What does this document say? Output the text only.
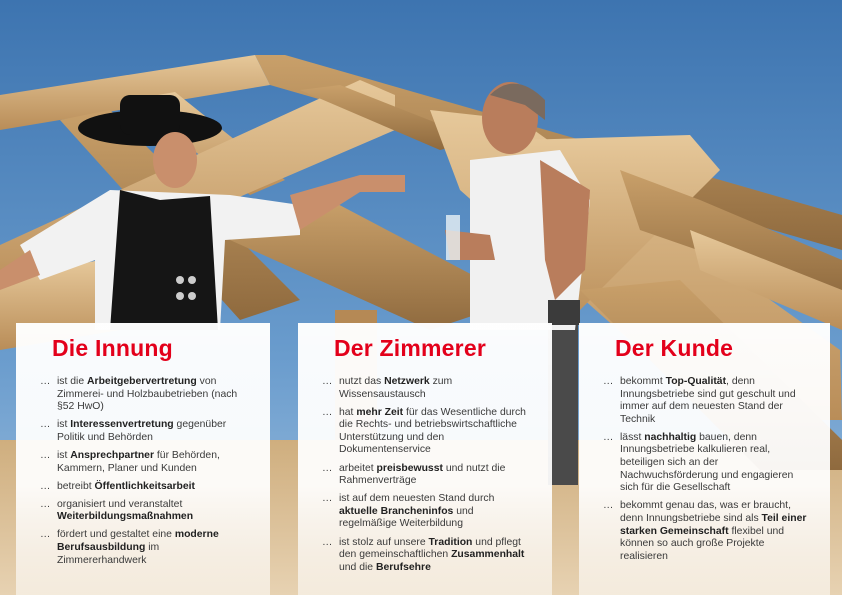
Die Innung
… ist die Arbeitgebervertretung von Zimmerei- und Holzbaubetrieben (nach §52 HwO)
… ist Interessenvertretung gegenüber Politik und Behörden
… ist Ansprechpartner für Behörden, Kammern, Planer und Kunden
… betreibt Öffentlichkeitsarbeit
… organisiert und veranstaltet Weiterbildungsmaßnahmen
… fördert und gestaltet eine moderne Berufsausbildung im Zimmererhandwerk
Der Zimmerer
… nutzt das Netzwerk zum Wissensaustausch
… hat mehr Zeit für das Wesentliche durch die Rechts- und betriebswirtschaftliche Unterstützung und den Dokumentenservice
… arbeitet preisbewusst und nutzt die Rahmenverträge
… ist auf dem neuesten Stand durch aktuelle Brancheninfos und regelmäßige Weiterbildung
… ist stolz auf unsere Tradition und pflegt den gemeinschaftlichen Zusammenhalt und die Berufsehre
Der Kunde
… bekommt Top-Qualität, denn Innungsbetriebe sind gut geschult und immer auf dem neuesten Stand der Technik
… lässt nachhaltig bauen, denn Innungsbetriebe kalkulieren real, beteiligen sich an der Nachwuchsförderung und engagieren sich für die Gesellschaft
… bekommt genau das, was er braucht, denn Innungsbetriebe sind als Teil einer starken Gemeinschaft flexibel und können so auch große Projekte realisieren
